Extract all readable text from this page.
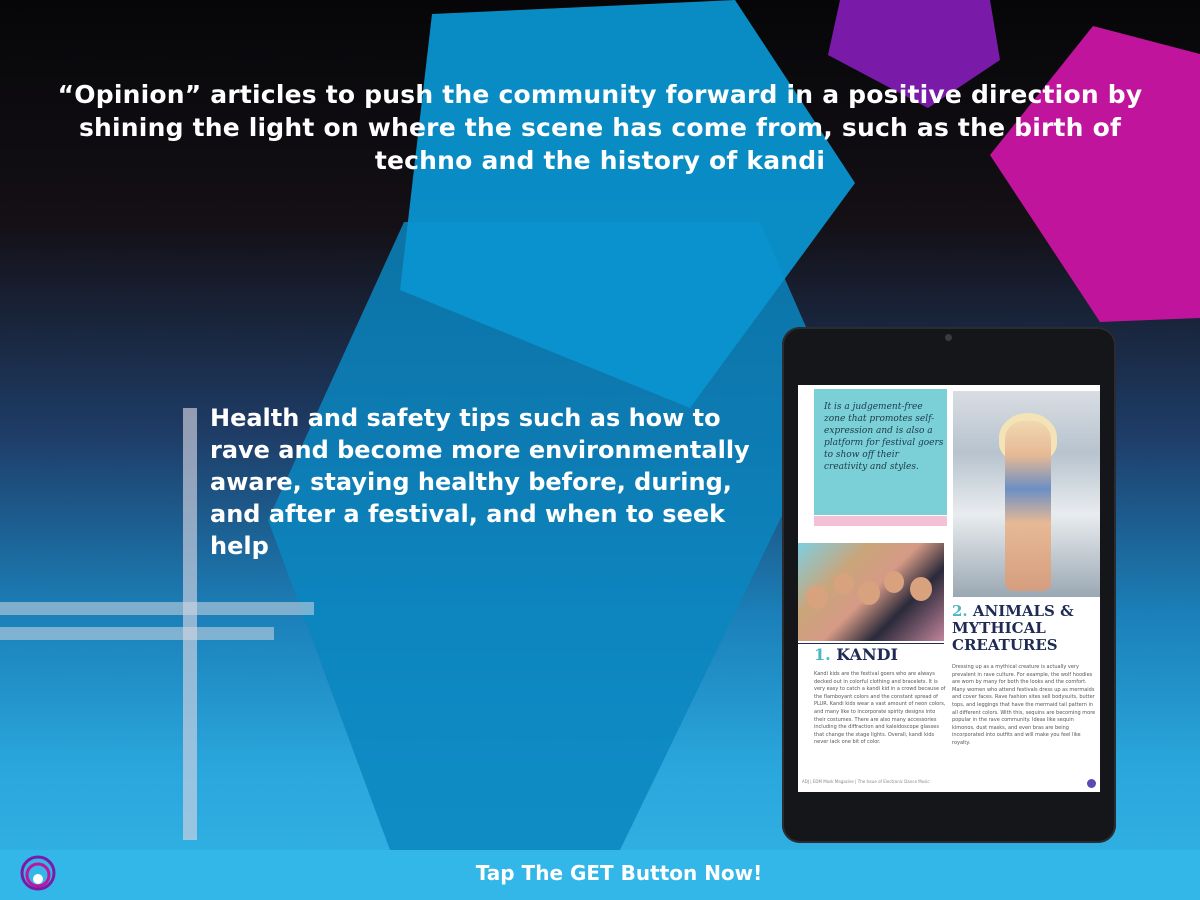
“Opinion” articles to push the community forward in a positive direction by shining the light on where the scene has come from, such as the birth of techno and the history of kandi
Health and safety tips such as how to rave and become more environmentally aware, staying healthy before, during, and after a festival, and when to seek help
It is a judgement-free zone that promotes self-expression and is also a platform for festival goers to show off their creativity and styles.
2. ANIMALS & MYTHICAL CREATURES
1. KANDI
Kandi kids are the festival goers who are always decked out in colorful clothing and bracelets. It is very easy to catch a kandi kid in a crowd because of the flamboyant colors and the constant spread of PLUR. Kandi kids wear a vast amount of neon colors, and many like to incorporate spirity designs into their costumes. There are also many accessories including the diffraction and kaleidoscope glasses that change the stage lights. Overall, kandi kids never lack one bit of color.
Dressing up as a mythical creature is actually very prevalent in rave culture. For example, the wolf hoodies are worn by many for both the looks and the comfort. Many women who attend festivals dress up as mermaids and cover faces. Rave fashion sites sell bodysuits, butter tops, and leggings that have the mermaid tail pattern in all different colors. With this, sequins are becoming more popular in the rave community. Ideas like sequin kimonos, dust masks, and even bras are being incorporated into outfits and will make you feel like royalty.
ADJ | EDM Mask Magazine | The Issue of Electronic Dance Music
Tap The GET Button Now!
